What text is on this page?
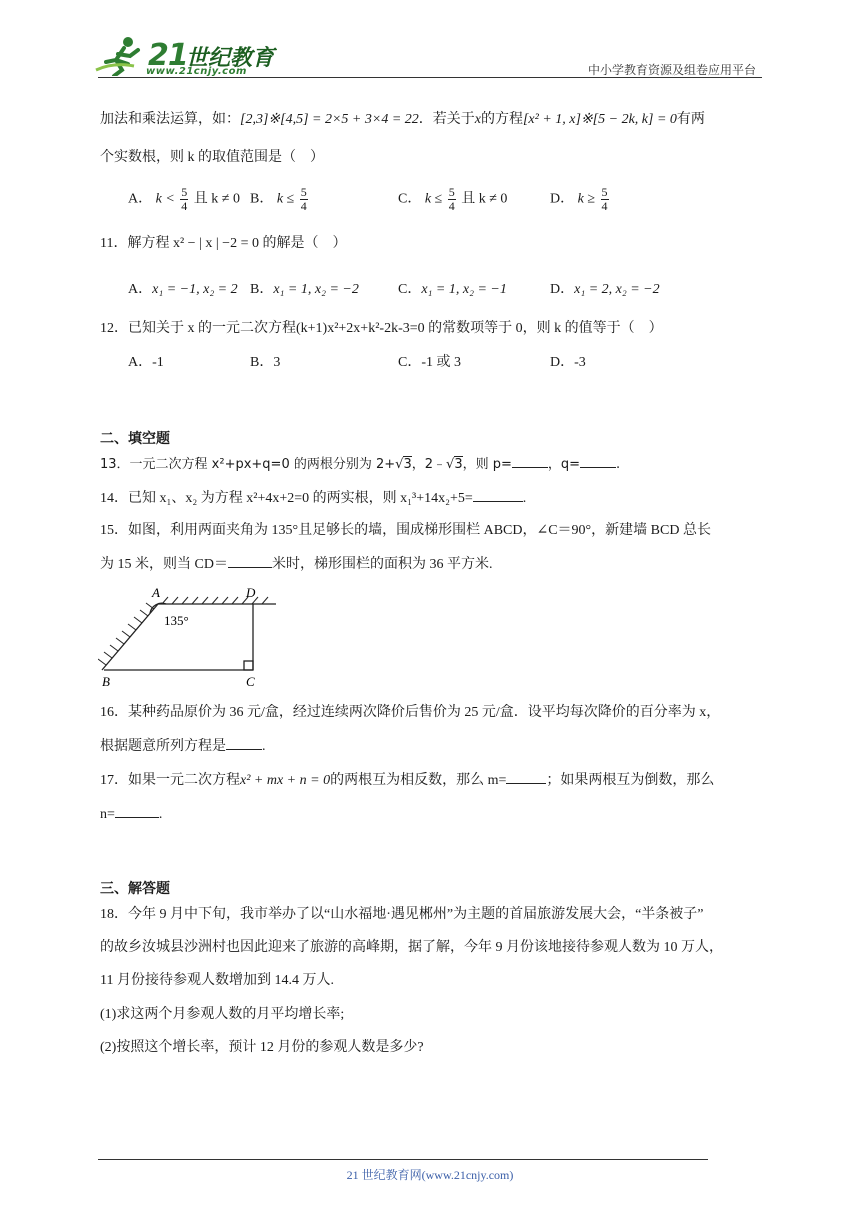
21
世纪教育
www.21cnjy.com	中小学教育资源及组卷应用平台
加法和乘法运算，如：[2,3]※[4,5] = 2×5 + 3×4 = 22．若关于x的方程[x² + 1, x]※[5 − 2k, k] = 0有两
个实数根，则 k 的取值范围是（　）
A． $k < \frac{5}{4}$ 且 k ≠ 0 B． $k \le \frac{5}{4}$	C． $k \le \frac{5}{4}$ 且 k ≠ 0	D． $k \ge \frac{5}{4}$
11．解方程 x² − | x | −2 = 0 的解是（　）
A．x₁ = −1, x₂ = 2 B．x₁ = 1, x₂ = −2	C．x₁ = 1, x₂ = −1	D．x₁ = 2, x₂ = −2
12．已知关于 x 的一元二次方程(k+1)x²+2x+k²-2k-3=0 的常数项等于 0，则 k 的值等于（　）
A．-1	B．3	C．-1 或 3	D．-3
二、填空题
13．一元二次方程 x²+px+q=0 的两根分别为 2+√3，2﹣√3，则 p=	，q=	.
14．已知 x₁、x₂ 为方程 x²+4x+2=0 的两实根，则 x₁³+14x₂+5=	.
15．如图，利用两面夹角为 135°且足够长的墙，围成梯形围栏 ABCD，∠C＝90°，新建墙 BCD 总长
为 15 米，则当 CD＝	米时，梯形围栏的面积为 36 平方米.
A	D
B	C
135°
16．某种药品原价为 36 元/盒，经过连续两次降价后售价为 25 元/盒．设平均每次降价的百分率为 x，
根据题意所列方程是	.
17．如果一元二次方程x² + mx + n = 0的两根互为相反数，那么 m=	；如果两根互为倒数，那么
n=	.
三、解答题
18．今年 9 月中下旬，我市举办了以“山水福地·遇见郴州”为主题的首届旅游发展大会，“半条被子”
的故乡汝城县沙洲村也因此迎来了旅游的高峰期，据了解，今年 9 月份该地接待参观人数为 10 万人，
11 月份接待参观人数增加到 14.4 万人.
(1)求这两个月参观人数的月平均增长率;
(2)按照这个增长率，预计 12 月份的参观人数是多少?
21 世纪教育网(www.21cnjy.com)
